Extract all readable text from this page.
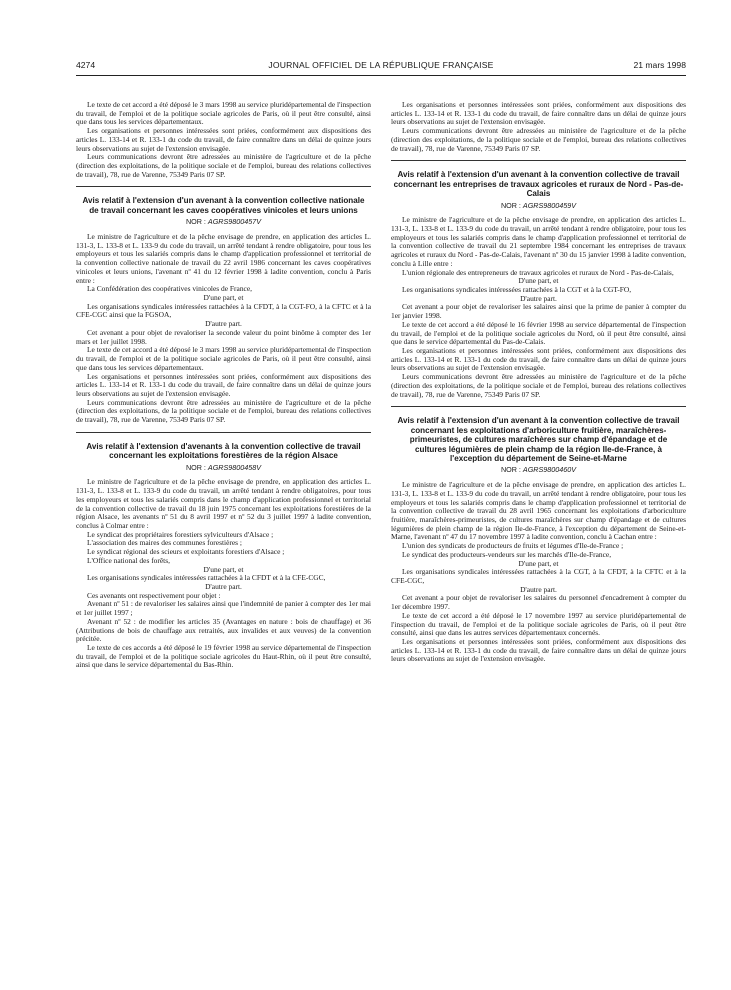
4274	JOURNAL OFFICIEL DE LA RÉPUBLIQUE FRANÇAISE	21 mars 1998

Le texte de cet accord a été déposé le 3 mars 1998 au service pluridépartemental de l'inspection du travail, de l'emploi et de la politique sociale agricoles de Paris, où il peut être consulté, ainsi que dans tous les services départementaux.

Les organisations et personnes intéressées sont priées, conformément aux dispositions des articles L. 133-14 et R. 133-1 du code du travail, de faire connaître dans un délai de quinze jours leurs observations au sujet de l'extension envisagée.

Leurs communications devront être adressées au ministère de l'agriculture et de la pêche (direction des exploitations, de la politique sociale et de l'emploi, bureau des relations collectives de travail), 78, rue de Varenne, 75349 Paris 07 SP.

Avis relatif à l'extension d'un avenant à la convention collective nationale de travail concernant les caves coopératives vinicoles et leurs unions
NOR : AGRS9800457V

Le ministre de l'agriculture et de la pêche envisage de prendre, en application des articles L. 131-3, L. 133-8 et L. 133-9 du code du travail, un arrêté tendant à rendre obligatoire, pour tous les employeurs et tous les salariés compris dans le champ d'application professionnel et territorial de la convention collective nationale de travail du 22 avril 1986 concernant les caves coopératives vinicoles et leurs unions, l'avenant nº 41 du 12 février 1998 à ladite convention, conclu à Paris entre :

La Confédération des coopératives vinicoles de France,

D'une part, et

Les organisations syndicales intéressées rattachées à la CFDT, à la CGT-FO, à la CFTC et à la CFE-CGC ainsi que la FGSOA,

D'autre part.

Cet avenant a pour objet de revaloriser la seconde valeur du point binôme à compter des 1er mars et 1er juillet 1998.

Le texte de cet accord a été déposé le 3 mars 1998 au service pluridépartemental de l'inspection du travail, de l'emploi et de la politique sociale agricoles de Paris, où il peut être consulté, ainsi que dans tous les services départementaux.

Les organisations et personnes intéressées sont priées, conformément aux dispositions des articles L. 133-14 et R. 133-1 du code du travail, de faire connaître dans un délai de quinze jours leurs observations au sujet de l'extension envisagée.

Leurs communications devront être adressées au ministère de l'agriculture et de la pêche (direction des exploitations, de la politique sociale et de l'emploi, bureau des relations collectives de travail), 78, rue de Varenne, 75349 Paris 07 SP.

Avis relatif à l'extension d'avenants à la convention collective de travail concernant les exploitations forestières de la région Alsace
NOR : AGRS9800458V

Le ministre de l'agriculture et de la pêche envisage de prendre, en application des articles L. 131-3, L. 133-8 et L. 133-9 du code du travail, un arrêté tendant à rendre obligatoires, pour tous les employeurs et tous les salariés compris dans le champ d'application professionnel et territorial de la convention collective de travail du 18 juin 1975 concernant les exploitations forestières de la région Alsace, les avenants nº 51 du 8 avril 1997 et nº 52 du 3 juillet 1997 à ladite convention, conclus à Colmar entre :

Le syndicat des propriétaires forestiers sylviculteurs d'Alsace ;

L'association des maires des communes forestières ;

Le syndicat régional des scieurs et exploitants forestiers d'Alsace ;

L'Office national des forêts,

D'une part, et

Les organisations syndicales intéressées rattachées à la CFDT et à la CFE-CGC,

D'autre part.

Ces avenants ont respectivement pour objet :

Avenant nº 51 : de revaloriser les salaires ainsi que l'indemnité de panier à compter des 1er mai et 1er juillet 1997 ;

Avenant nº 52 : de modifier les articles 35 (Avantages en nature : bois de chauffage) et 36 (Attributions de bois de chauffage aux retraités, aux invalides et aux veuves) de la convention précitée.

Le texte de ces accords a été déposé le 19 février 1998 au service départemental de l'inspection du travail, de l'emploi et de la politique sociale agricoles du Haut-Rhin, où il peut être consulté, ainsi que dans le service départemental du Bas-Rhin.

Les organisations et personnes intéressées sont priées, conformément aux dispositions des articles L. 133-14 et R. 133-1 du code du travail, de faire connaître dans un délai de quinze jours leurs observations au sujet de l'extension envisagée.

Leurs communications devront être adressées au ministère de l'agriculture et de la pêche (direction des exploitations, de la politique sociale et de l'emploi, bureau des relations collectives de travail), 78, rue de Varenne, 75349 Paris 07 SP.

Avis relatif à l'extension d'un avenant à la convention collective de travail concernant les entreprises de travaux agricoles et ruraux de Nord - Pas-de-Calais
NOR : AGRS9800459V

Le ministre de l'agriculture et de la pêche envisage de prendre, en application des articles L. 131-3, L. 133-8 et L. 133-9 du code du travail, un arrêté tendant à rendre obligatoire, pour tous les employeurs et tous les salariés compris dans le champ d'application professionnel et territorial de la convention collective de travail du 21 septembre 1984 concernant les entreprises de travaux agricoles et ruraux du Nord - Pas-de-Calais, l'avenant nº 30 du 15 janvier 1998 à ladite convention, conclu à Lille entre :

L'union régionale des entrepreneurs de travaux agricoles et ruraux de Nord - Pas-de-Calais,

D'une part, et

Les organisations syndicales intéressées rattachées à la CGT et à la CGT-FO,

D'autre part.

Cet avenant a pour objet de revaloriser les salaires ainsi que la prime de panier à compter du 1er janvier 1998.

Le texte de cet accord a été déposé le 16 février 1998 au service départemental de l'inspection du travail, de l'emploi et de la politique sociale agricoles du Nord, où il peut être consulté, ainsi que dans le service départemental du Pas-de-Calais.

Les organisations et personnes intéressées sont priées, conformément aux dispositions des articles L. 133-14 et R. 133-1 du code du travail, de faire connaître dans un délai de quinze jours leurs observations au sujet de l'extension envisagée.

Leurs communications devront être adressées au ministère de l'agriculture et de la pêche (direction des exploitations, de la politique sociale et de l'emploi, bureau des relations collectives de travail), 78, rue de Varenne, 75349 Paris 07 SP.

Avis relatif à l'extension d'un avenant à la convention collective de travail concernant les exploitations d'arboriculture fruitière, maraîchères-primeuristes, de cultures maraîchères sur champ d'épandage et de cultures légumières de plein champ de la région Ile-de-France, à l'exception du département de Seine-et-Marne
NOR : AGRS9800460V

Le ministre de l'agriculture et de la pêche envisage de prendre, en application des articles L. 131-3, L. 133-8 et L. 133-9 du code du travail, un arrêté tendant à rendre obligatoire, pour tous les employeurs et tous les salariés compris dans le champ d'application professionnel et territorial de la convention collective de travail du 28 avril 1965 concernant les exploitations d'arboriculture fruitière, maraîchères-primeuristes, de cultures maraîchères sur champ d'épandage et de cultures légumières de plein champ de la région Ile-de-France, à l'exception du département de Seine-et-Marne, l'avenant nº 47 du 17 novembre 1997 à ladite convention, conclu à Cachan entre :

L'union des syndicats de producteurs de fruits et légumes d'Ile-de-France ;

Le syndicat des producteurs-vendeurs sur les marchés d'Ile-de-France,

D'une part, et

Les organisations syndicales intéressées rattachées à la CGT, à la CFDT, à la CFTC et à la CFE-CGC,

D'autre part.

Cet avenant a pour objet de revaloriser les salaires du personnel d'encadrement à compter du 1er décembre 1997.

Le texte de cet accord a été déposé le 17 novembre 1997 au service pluridépartemental de l'inspection du travail, de l'emploi et de la politique sociale agricoles de Paris, où il peut être consulté, ainsi que dans les autres services départementaux concernés.

Les organisations et personnes intéressées sont priées, conformément aux dispositions des articles L. 133-14 et R. 133-1 du code du travail, de faire connaître dans un délai de quinze jours leurs observations au sujet de l'extension envisagée.
